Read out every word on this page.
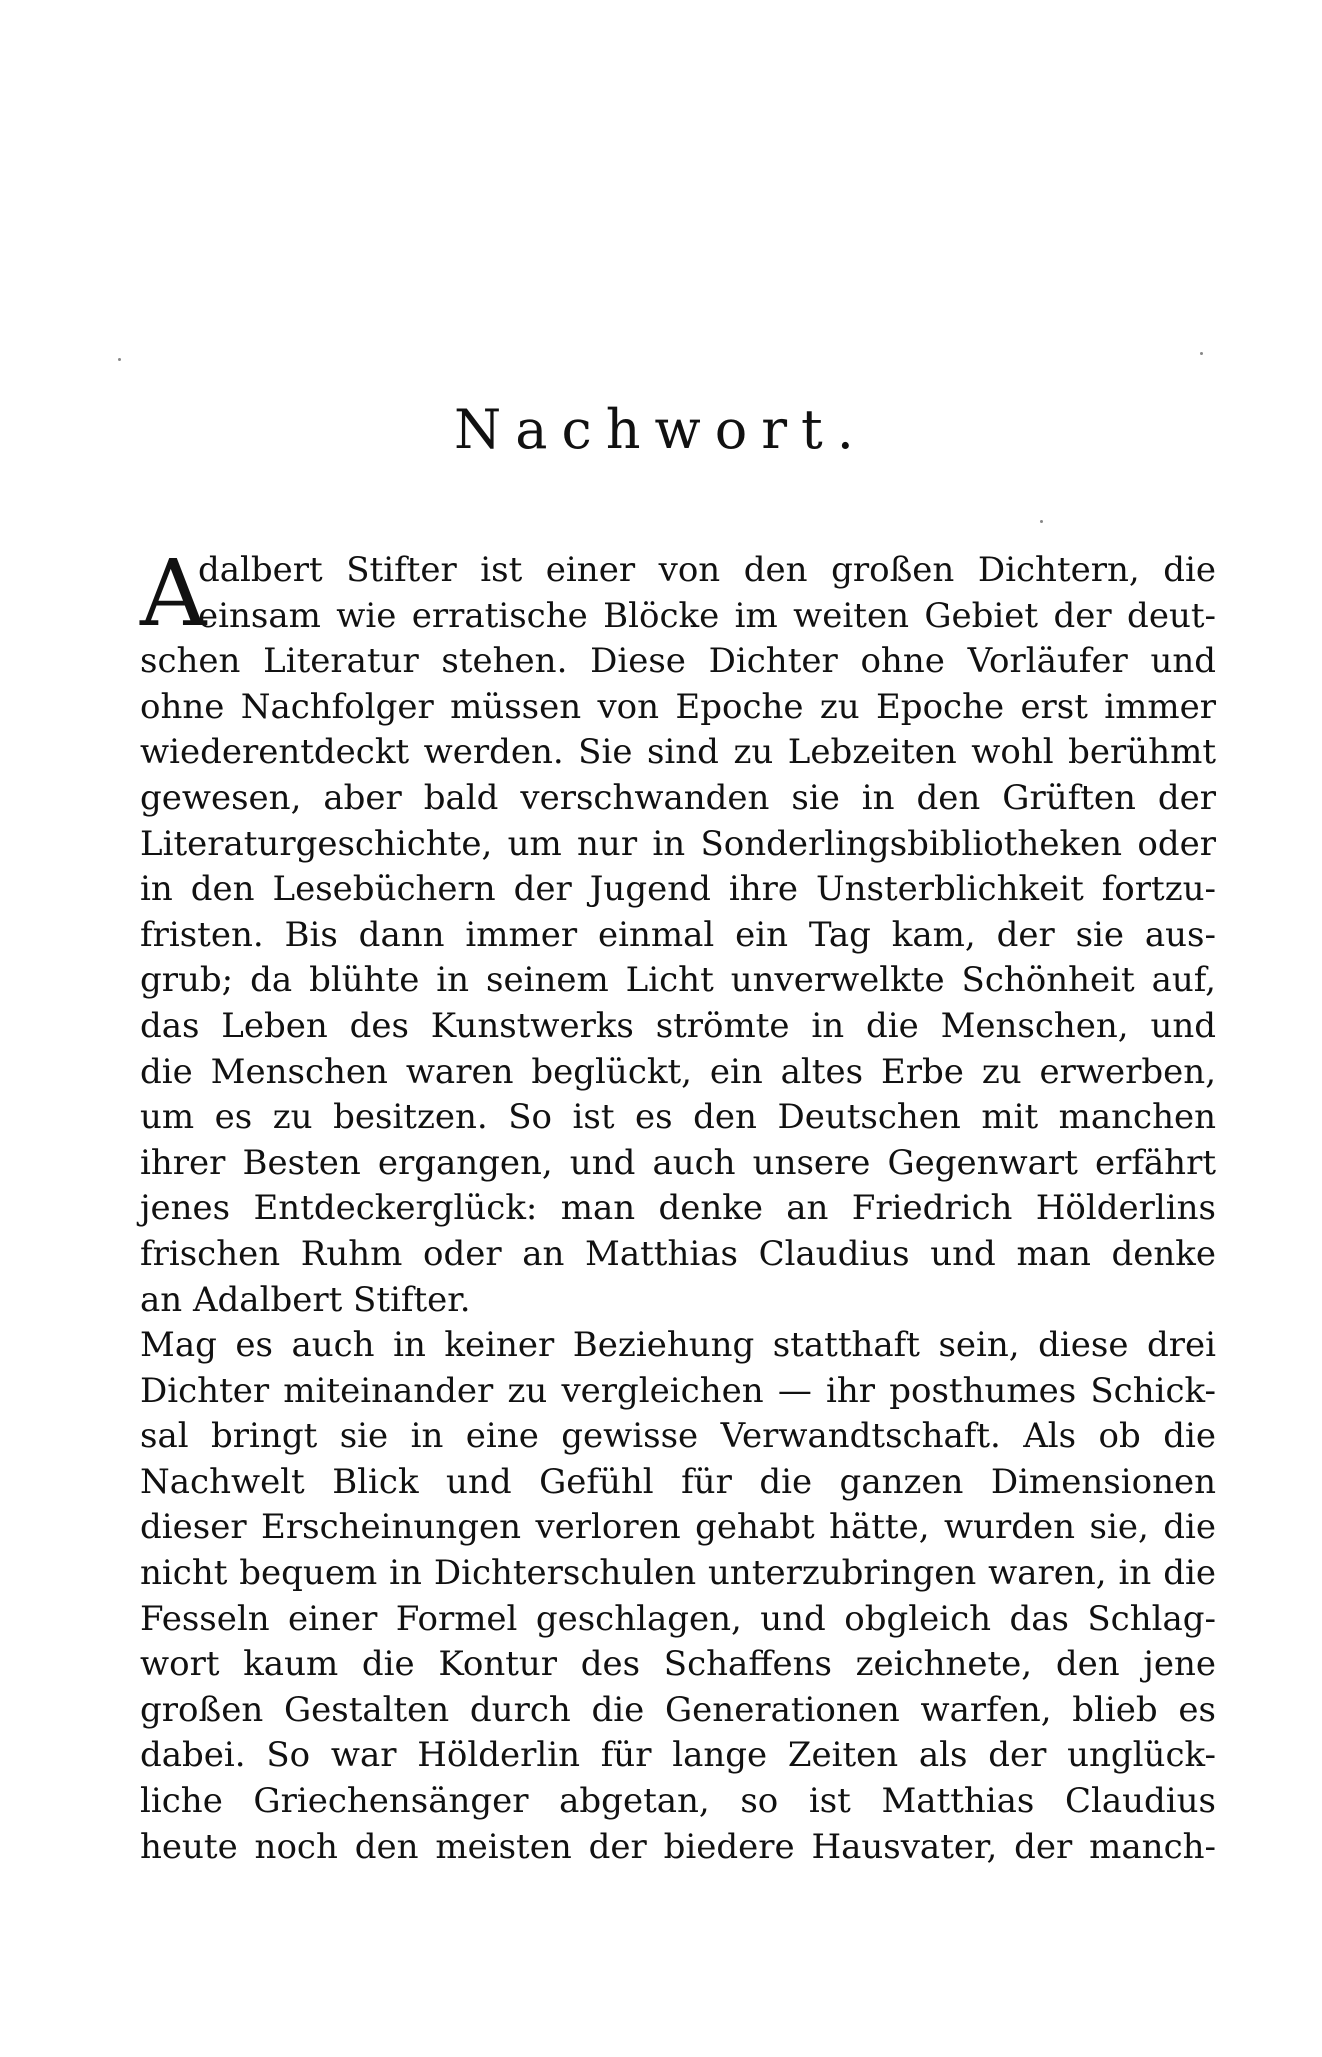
Nachwort.
A
dalbert Stifter ist einer von den großen Dichtern, die
einsam wie erratische Blöcke im weiten Gebiet der deut-
schen Literatur stehen. Diese Dichter ohne Vorläufer und
ohne Nachfolger müssen von Epoche zu Epoche erst immer
wiederentdeckt werden. Sie sind zu Lebzeiten wohl berühmt
gewesen, aber bald verschwanden sie in den Grüften der
Literaturgeschichte, um nur in Sonderlingsbibliotheken oder
in den Lesebüchern der Jugend ihre Unsterblichkeit fortzu-
fristen. Bis dann immer einmal ein Tag kam, der sie aus-
grub; da blühte in seinem Licht unverwelkte Schönheit auf,
das Leben des Kunstwerks strömte in die Menschen, und
die Menschen waren beglückt, ein altes Erbe zu erwerben,
um es zu besitzen. So ist es den Deutschen mit manchen
ihrer Besten ergangen, und auch unsere Gegenwart erfährt
jenes Entdeckerglück: man denke an Friedrich Hölderlins
frischen Ruhm oder an Matthias Claudius und man denke
an Adalbert Stifter.
Mag es auch in keiner Beziehung statthaft sein, diese drei
Dichter miteinander zu vergleichen — ihr posthumes Schick-
sal bringt sie in eine gewisse Verwandtschaft. Als ob die
Nachwelt Blick und Gefühl für die ganzen Dimensionen
dieser Erscheinungen verloren gehabt hätte, wurden sie, die
nicht bequem in Dichterschulen unterzubringen waren, in die
Fesseln einer Formel geschlagen, und obgleich das Schlag-
wort kaum die Kontur des Schaffens zeichnete, den jene
großen Gestalten durch die Generationen warfen, blieb es
dabei. So war Hölderlin für lange Zeiten als der unglück-
liche Griechensänger abgetan, so ist Matthias Claudius
heute noch den meisten der biedere Hausvater, der manch-
